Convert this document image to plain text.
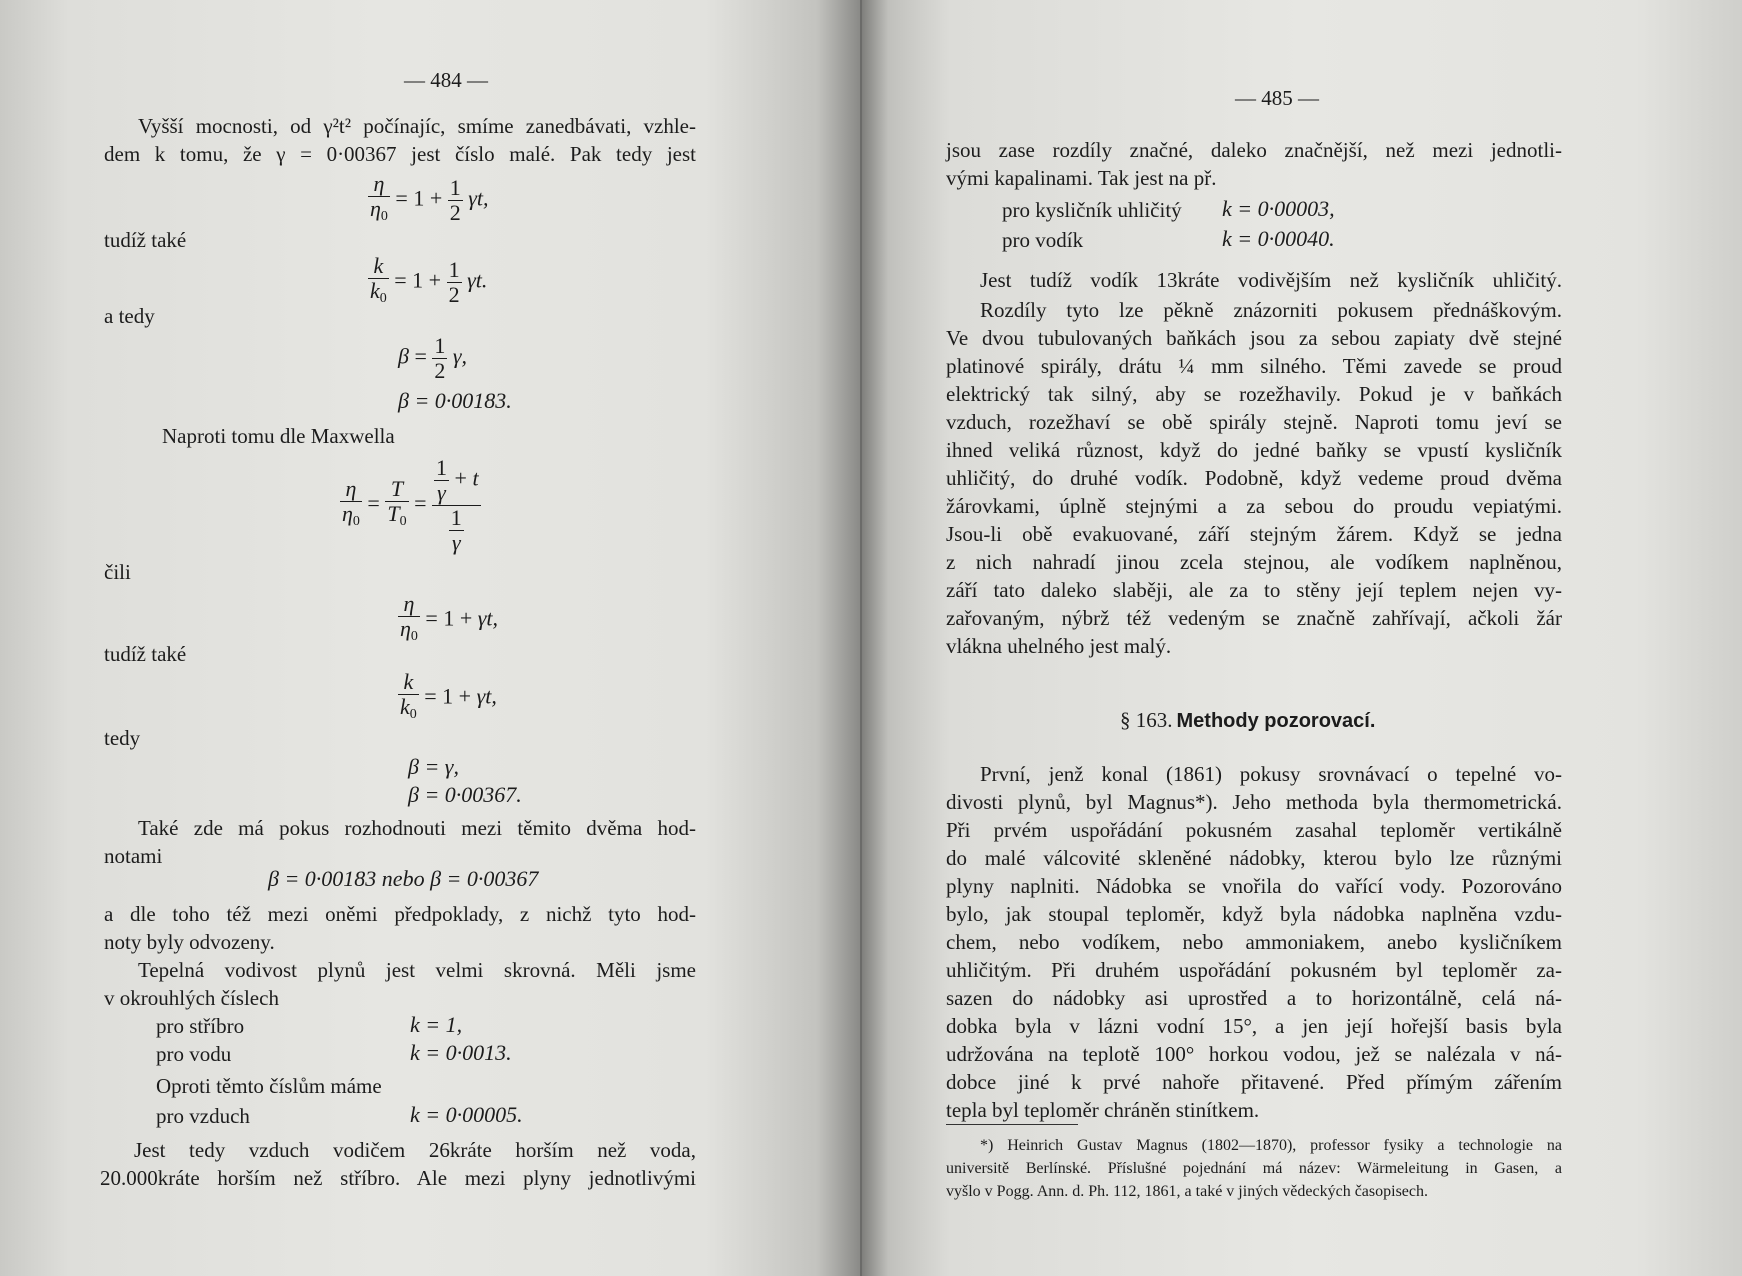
— 484 —
Vyšší mocnosti, od γ²t² počínajíc, smíme zanedbávati, vzhle-
dem k tomu, že γ = 0·00367 jest číslo malé. Pak tedy jest
$\frac{\eta}{\eta_0} = 1 + \frac{1}{2} \gamma t$,
tudíž také
$\frac{k}{k_0} = 1 + \frac{1}{2} \gamma t$.
a tedy
$\beta = \frac{1}{2} \gamma$,
β = 0·00183.
Naproti tomu dle Maxwella
$\frac{\eta}{\eta_0} = \frac{T}{T_0} = \frac{\frac{1}{\gamma} + t}{\frac{1}{\gamma}}$
čili
$\frac{\eta}{\eta_0} = 1 + \gamma t$,
tudíž také
$\frac{k}{k_0} = 1 + \gamma t$,
tedy
β = γ,
β = 0·00367.
Také zde má pokus rozhodnouti mezi těmito dvěma hod-
notami
β = 0·00183 nebo β = 0·00367
a dle toho též mezi oněmi předpoklady, z nichž tyto hod-
noty byly odvozeny.
Tepelná vodivost plynů jest velmi skrovná. Měli jsme
v okrouhlých číslech
pro stříbro	k = 1,
pro vodu	k = 0·0013.
Oproti těmto číslům máme
pro vzduch	k = 0·00005.
Jest tedy vzduch vodičem 26kráte horším než voda,
20.000kráte horším než stříbro. Ale mezi plyny jednotlivými
— 485 —
jsou zase rozdíly značné, daleko značnější, než mezi jednotli-
vými kapalinami. Tak jest na př.
pro kysličník uhličitý k = 0·00003,
pro vodík	k = 0·00040.
Jest tudíž vodík 13kráte vodivějším než kysličník uhličitý.
Rozdíly tyto lze pěkně znázorniti pokusem přednáškovým.
Ve dvou tubulovaných baňkách jsou za sebou zapiaty dvě stejné
platinové spirály, drátu ¼ mm silného. Těmi zavede se proud
elektrický tak silný, aby se rozežhavily. Pokud je v baňkách
vzduch, rozežhaví se obě spirály stejně. Naproti tomu jeví se
ihned veliká různost, když do jedné baňky se vpustí kysličník
uhličitý, do druhé vodík. Podobně, když vedeme proud dvěma
žárovkami, úplně stejnými a za sebou do proudu vepiatými.
Jsou-li obě evakuované, září stejným žárem. Když se jedna
z nich nahradí jinou zcela stejnou, ale vodíkem naplněnou,
září tato daleko slaběji, ale za to stěny její teplem nejen vy-
zařovaným, nýbrž též vedeným se značně zahřívají, ačkoli žár
vlákna uhelného jest malý.
§ 163. Methody pozorovací.
První, jenž konal (1861) pokusy srovnávací o tepelné vo-
divosti plynů, byl Magnus*). Jeho methoda byla thermometrická.
Při prvém uspořádání pokusném zasahal teploměr vertikálně
do malé válcovité skleněné nádobky, kterou bylo lze různými
plyny naplniti. Nádobka se vnořila do vařící vody. Pozorováno
bylo, jak stoupal teploměr, když byla nádobka naplněna vzdu-
chem, nebo vodíkem, nebo ammoniakem, anebo kysličníkem
uhličitým. Při druhém uspořádání pokusném byl teploměr za-
sazen do nádobky asi uprostřed a to horizontálně, celá ná-
dobka byla v lázni vodní 15°, a jen její hořejší basis byla
udržována na teplotě 100° horkou vodou, jež se nalézala v ná-
dobce jiné k prvé nahoře přitavené. Před přímým zářením
tepla byl teploměr chráněn stinítkem.
*) Heinrich Gustav Magnus (1802—1870), professor fysiky a technologie na
universitě Berlínské. Příslušné pojednání má název: Wärmeleitung in Gasen, a
vyšlo v Pogg. Ann. d. Ph. 112, 1861, a také v jiných vědeckých časopisech.
